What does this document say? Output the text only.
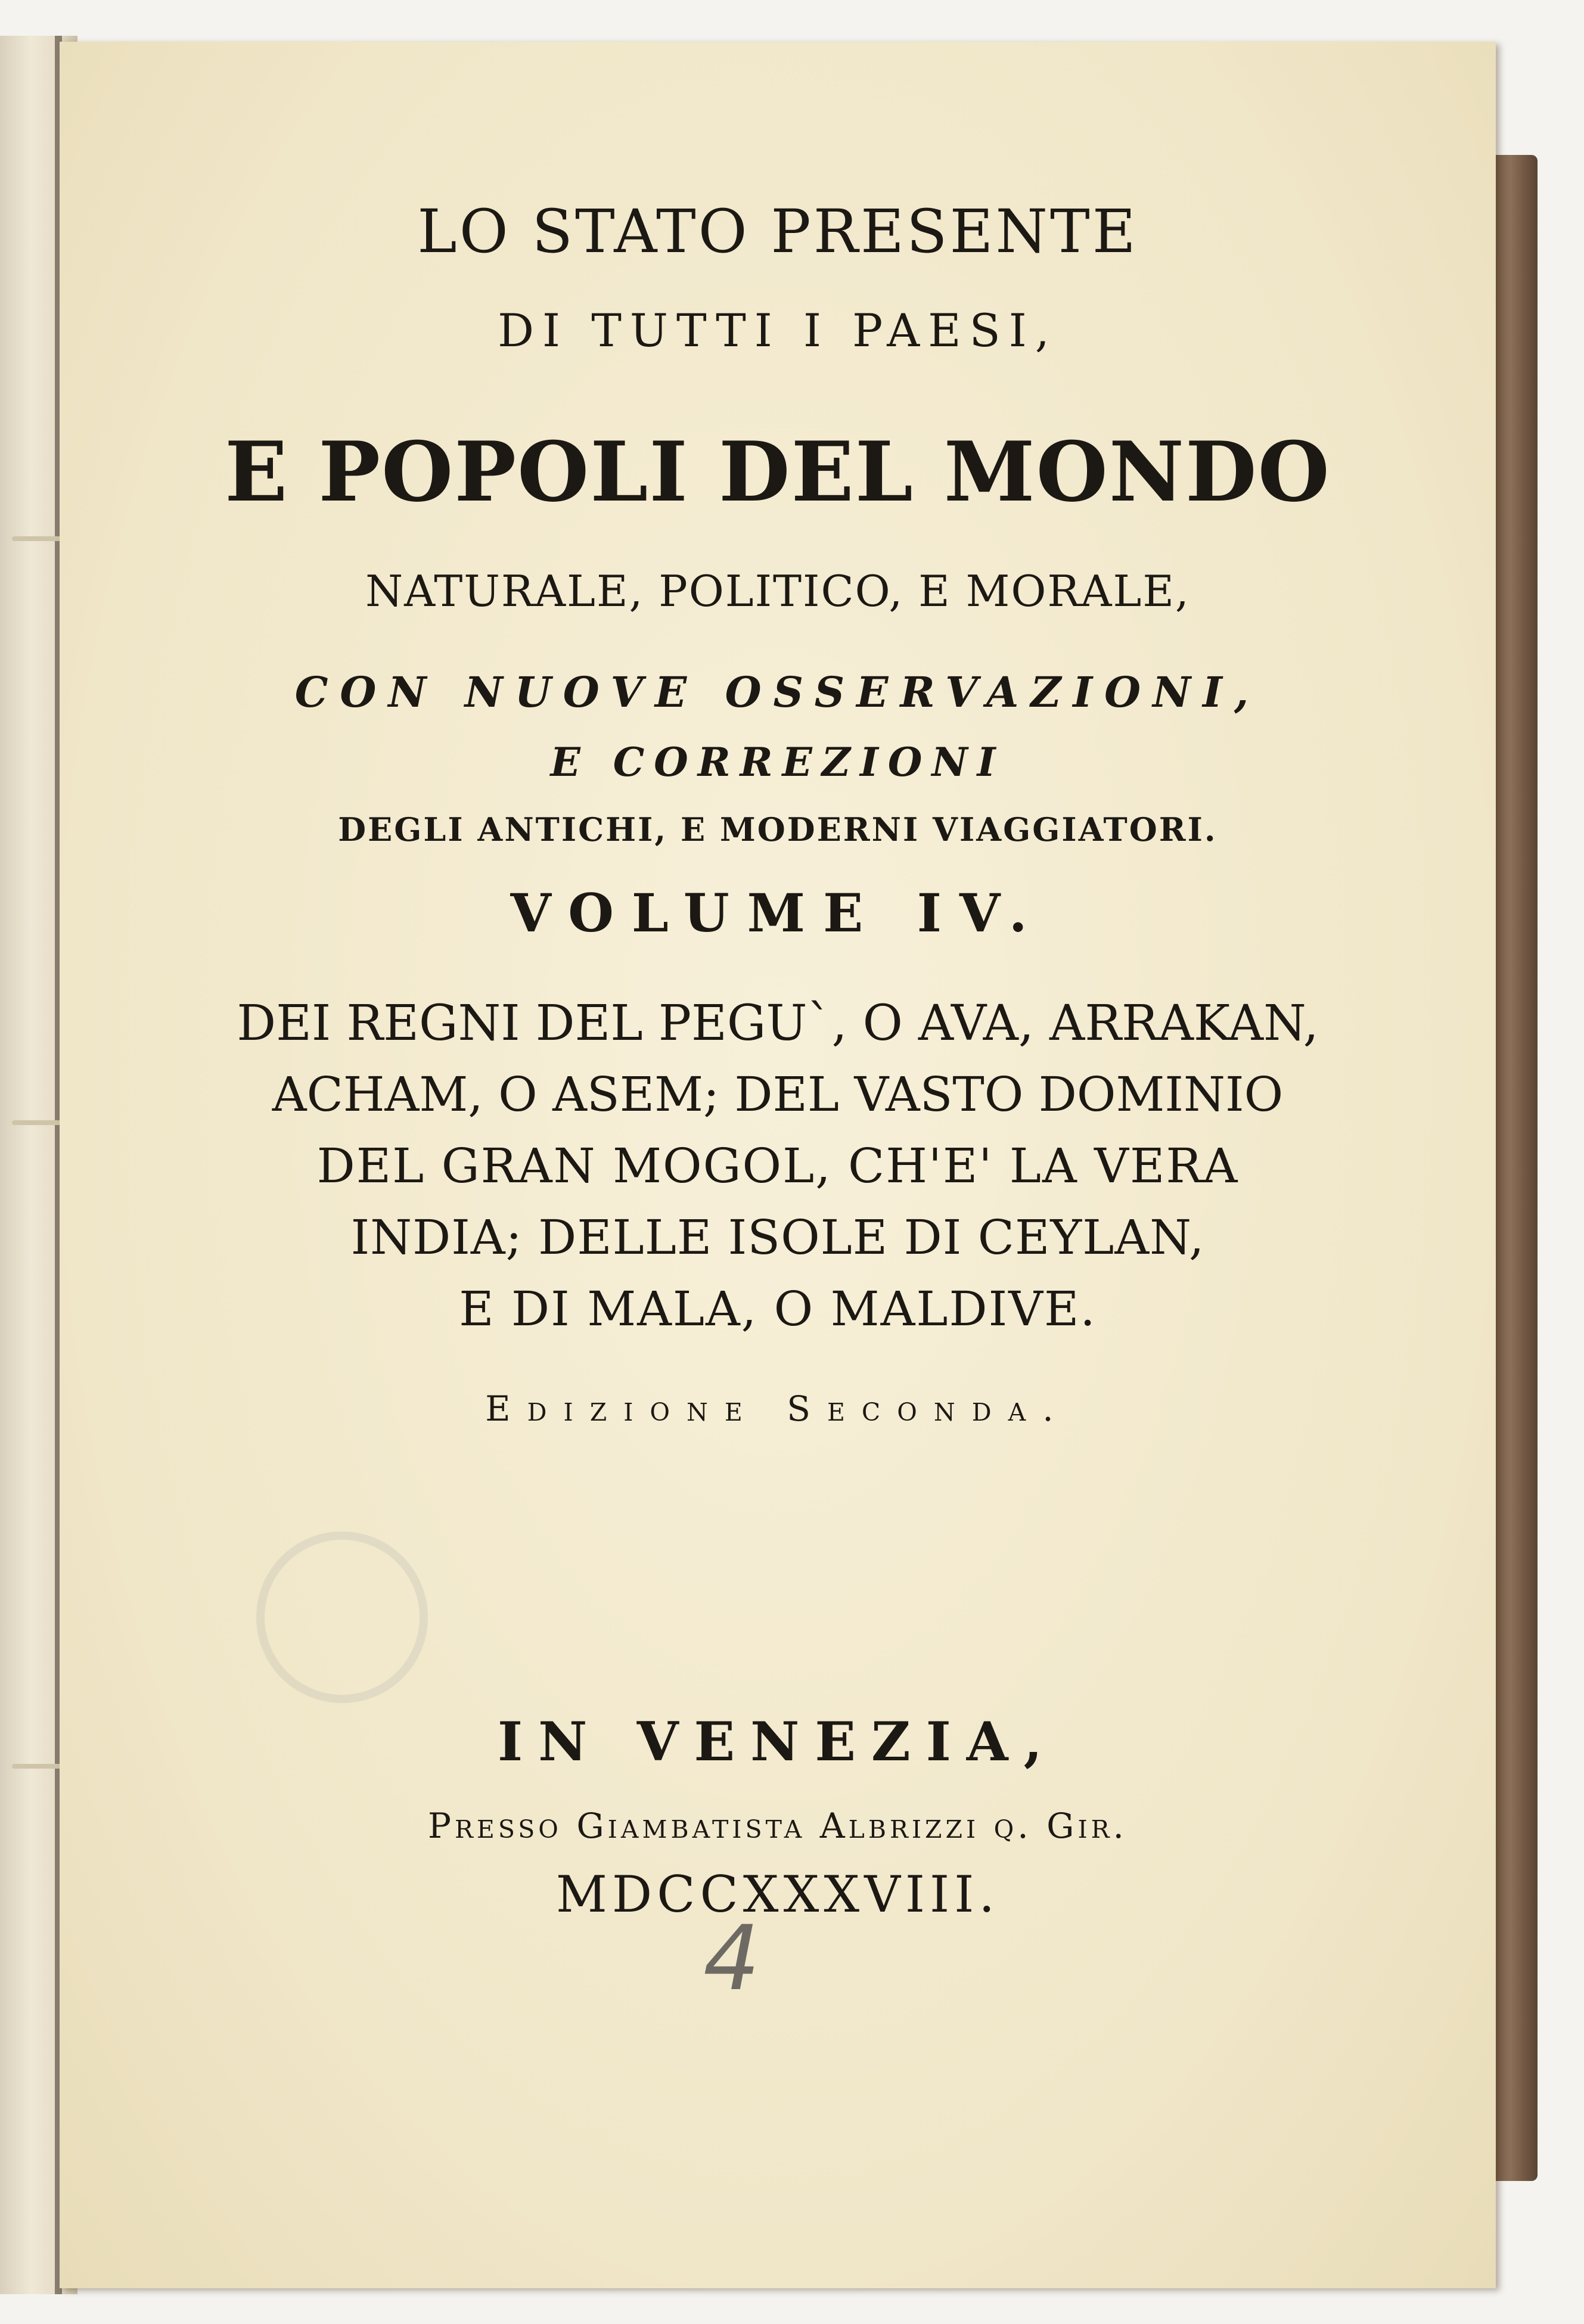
LO STATO PRESENTE
DI TUTTI I PAESI,
E POPOLI DEL MONDO
NATURALE, POLITICO, E MORALE,
CON NUOVE OSSERVAZIONI,
E CORREZIONI
DEGLI ANTICHI, E MODERNI VIAGGIATORI.
VOLUME IV.
DEI REGNI DEL PEGU`, O AVA, ARRAKAN,
ACHAM, O ASEM; DEL VASTO DOMINIO
DEL GRAN MOGOL, CH'E' LA VERA
INDIA; DELLE ISOLE DI CEYLAN,
E DI MALA, O MALDIVE.
Edizione Seconda.
IN VENEZIA,
Presso Giambatista Albrizzi q. Gir.
MDCCXXXVIII.
4
